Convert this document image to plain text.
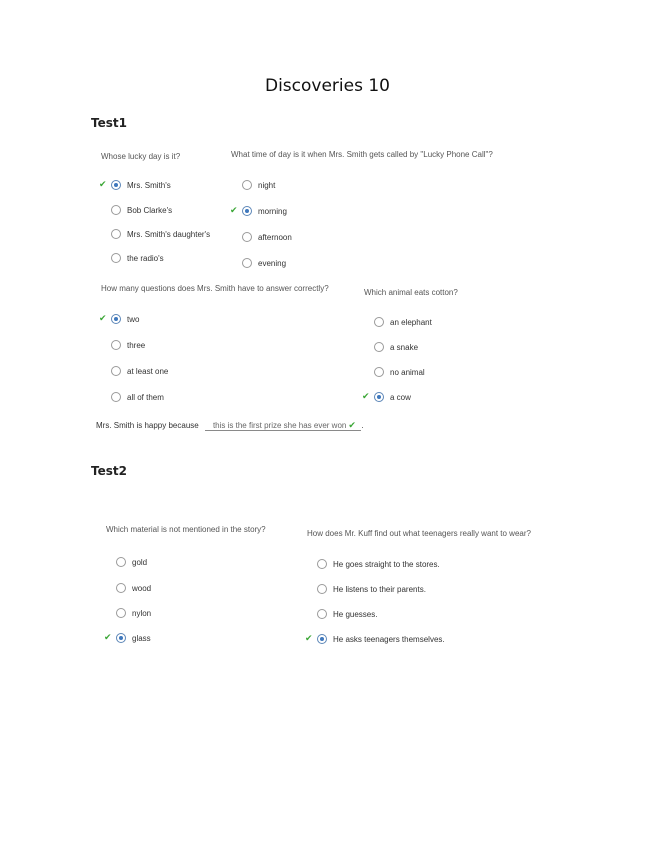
Discoveries 10
Test1
Whose lucky day is it?
✔	Mrs. Smith's
Bob Clarke's
Mrs. Smith's daughter's
the radio's
What time of day is it when Mrs. Smith gets called by "Lucky Phone Call"?
night
✔	morning
afternoon
evening
How many questions does Mrs. Smith have to answer correctly?
✔	two
three
at least one
all of them
Which animal eats cotton?
an elephant
a snake
no animal
✔	a cow
Mrs. Smith is happy because this is the first prize she has ever won ✔ .
Test2
Which material is not mentioned in the story?
gold
wood
nylon
✔	glass
How does Mr. Kuff find out what teenagers really want to wear?
He goes straight to the stores.
He listens to their parents.
He guesses.
✔	He asks teenagers themselves.
